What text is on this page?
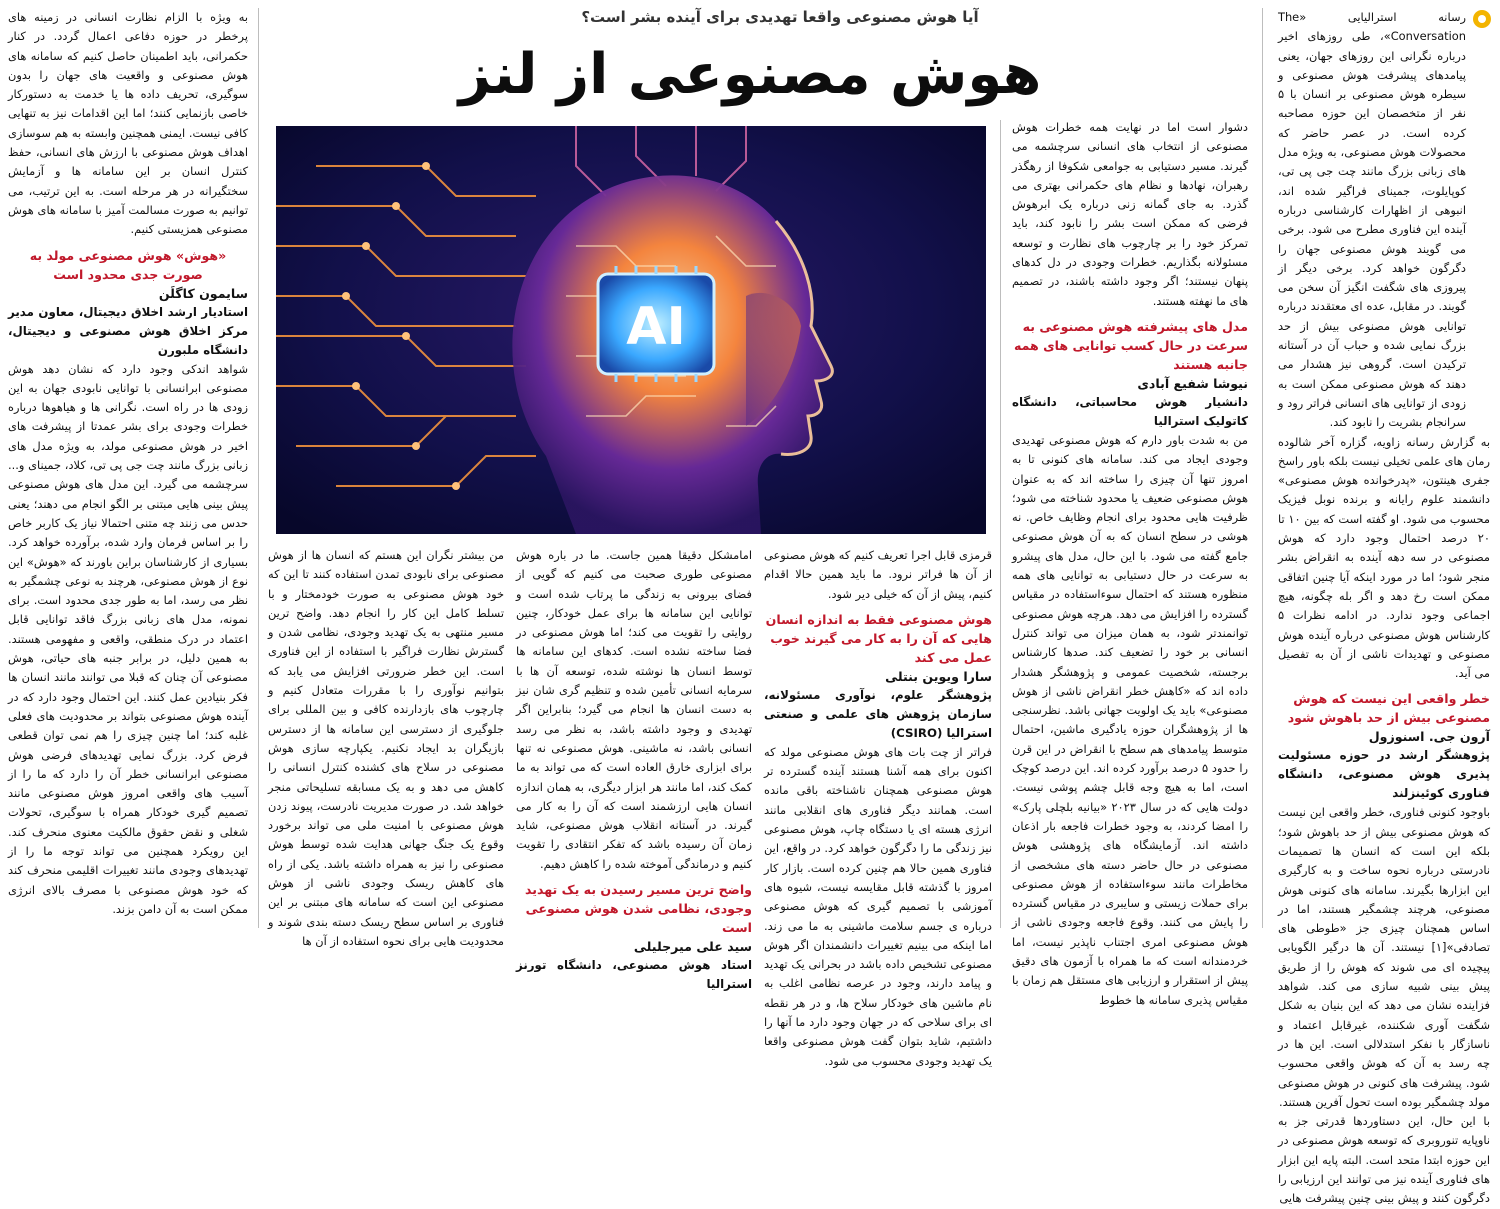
آیا هوش مصنوعی واقعا تهدیدی برای آینده بشر است؟
هوش مصنوعی از لنز

رسانه استرالیایی «The Conversation»، طی روزهای اخیر درباره نگرانی این روزهای جهان، یعنی پیامدهای پیشرفت هوش مصنوعی و سیطره هوش مصنوعی بر انسان با ۵ نفر از متخصصان این حوزه مصاحبه کرده است. در عصر حاضر که محصولات هوش مصنوعی، به ویژه مدل های زبانی بزرگ مانند چت جی پی تی، کوپایلوت، جمینای فراگیر شده اند، انبوهی از اظهارات کارشناسی درباره آینده این فناوری مطرح می شود. برخی می گویند هوش مصنوعی جهان را دگرگون خواهد کرد. برخی دیگر از پیروزی های شگفت انگیز آن سخن می گویند. در مقابل، عده ای معتقدند درباره توانایی هوش مصنوعی بیش از حد بزرگ نمایی شده و حباب آن در آستانه ترکیدن است. گروهی نیز هشدار می دهند که هوش مصنوعی ممکن است به زودی از توانایی های انسانی فراتر رود و سرانجام بشریت را نابود کند.

به گزارش رسانه زاویه، گزاره آخر شالوده رمان های علمی تخیلی نیست بلکه باور راسخ جفری هینتون، «پدرخوانده هوش مصنوعی» دانشمند علوم رایانه و برنده نوبل فیزیک محسوب می شود. او گفته است که بین ۱۰ تا ۲۰ درصد احتمال وجود دارد که هوش مصنوعی در سه دهه آینده به انقراض بشر منجر شود؛ اما در مورد اینکه آیا چنین اتفاقی ممکن است رخ دهد و اگر بله چگونه، هیچ اجماعی وجود ندارد. در ادامه نظرات ۵ کارشناس هوش مصنوعی درباره آینده هوش مصنوعی و تهدیدات ناشی از آن به تفصیل می آید.

خطر واقعی این نیست که هوش مصنوعی بیش از حد باهوش شود

آرون جی. اسنوزول

پژوهشگر ارشد در حوزه مسئولیت پذیری هوش مصنوعی، دانشگاه فناوری کوئینزلند

باوجود کنونی فناوری، خطر واقعی این نیست که هوش مصنوعی بیش از حد باهوش شود؛ بلکه این است که انسان ها تصمیمات نادرستی درباره نحوه ساخت و به کارگیری این ابزارها بگیرند. سامانه های کنونی هوش مصنوعی، هرچند چشمگیر هستند، اما در اساس همچنان چیزی جز «طوطی های تصادفی»[۱] نیستند. آن ها درگیر الگویابی پیچیده ای می شوند که هوش را از طریق پیش بینی شبیه سازی می کند. شواهد فزاینده نشان می دهد که این بنیان به شکل شگفت آوری شکننده، غیرقابل اعتماد و ناسازگار با نفکر استدلالی است. این ها در چه رسد به آن که هوش واقعی محسوب شود. پیشرفت های کنونی در هوش مصنوعی مولد چشمگیر بوده است تحول آفرین هستند.

با این حال، این دستاوردها قدرتی جز به ناوپایه تنوروبری که توسعه هوش مصنوعی در این حوزه ابتدا متحد است. البته پایه این ابزار های فناوری آینده نیز می توانند این ارزیابی را دگرگون کنند و پیش بینی چنین پیشرفت هایی

دشوار است اما در نهایت همه خطرات هوش مصنوعی از انتخاب های انسانی سرچشمه می گیرند. مسیر دستیابی به جوامعی شکوفا از رهگذر رهبران، نهادها و نظام های حکمرانی بهتری می گذرد. به جای گمانه زنی درباره یک ابرهوش فرضی که ممکن است بشر را نابود کند، باید تمرکز خود را بر چارچوب های نظارت و توسعه مسئولانه بگذاریم. خطرات وجودی در دل کدهای پنهان نیستند؛ اگر وجود داشته باشند، در تصمیم های ما نهفته هستند.

مدل های پیشرفته هوش مصنوعی به سرعت در حال کسب توانایی های همه جانبه هستند

نیوشا شفیع آبادی

دانشیار هوش محاسباتی، دانشگاه کاتولیک استرالیا

من به شدت باور دارم که هوش مصنوعی تهدیدی وجودی ایجاد می کند. سامانه های کنونی تا به امروز تنها آن چیزی را ساخته اند که به عنوان هوش مصنوعی ضعیف یا محدود شناخته می شود؛ ظرفیت هایی محدود برای انجام وظایف خاص. نه هوشی در سطح انسان که به آن هوش مصنوعی جامع گفته می شود. با این حال، مدل های پیشرو به سرعت در حال دستیابی به توانایی های همه منظوره هستند که احتمال سوءاستفاده در مقیاس گسترده را افزایش می دهد. هرچه هوش مصنوعی توانمندتر شود، به همان میزان می تواند کنترل انسانی بر خود را تضعیف کند. صدها کارشناس برجسته، شخصیت عمومی و پژوهشگر هشدار داده اند که «کاهش خطر انقراض ناشی از هوش مصنوعی» باید یک اولویت جهانی باشد. نظرسنجی ها از پژوهشگران حوزه یادگیری ماشین، احتمال متوسط پیامدهای هم سطح با انقراض در این قرن را حدود ۵ درصد برآورد کرده اند. این درصد کوچک است، اما به هیچ وجه قابل چشم پوشی نیست. دولت هایی که در سال ۲۰۲۳ «بیانیه بلچلی پارک» را امضا کردند، به وجود خطرات فاجعه بار اذعان داشته اند. آزمایشگاه های پژوهشی هوش مصنوعی در حال حاضر دسته های مشخصی از مخاطرات مانند سوءاستفاده از هوش مصنوعی برای حملات زیستی و سایبری در مقیاس گسترده را پایش می کنند. وقوع فاجعه وجودی ناشی از هوش مصنوعی امری اجتناب ناپذیر نیست، اما خردمندانه است که ما همراه با آزمون های دقیق پیش از استقرار و ارزیابی های مستقل هم زمان با مقیاس پذیری سامانه ها خطوط

AI

قرمزی قابل اجرا تعریف کنیم که هوش مصنوعی از آن ها فراتر نرود. ما باید همین حالا اقدام کنیم، پیش از آن که خیلی دیر شود.

هوش مصنوعی فقط به اندازه انسان هایی که آن را به کار می گیرند خوب عمل می کند

سارا ویوین بنتلی

پژوهشگر علوم، نوآوری مسئولانه، سازمان پژوهش های علمی و صنعتی استرالیا (CSIRO)

فراتر از چت بات های هوش مصنوعی مولد که اکنون برای همه آشنا هستند آینده گسترده تر هوش مصنوعی همچنان ناشناخته باقی مانده است. همانند دیگر فناوری های انقلابی مانند انرژی هسته ای یا دستگاه چاپ، هوش مصنوعی نیز زندگی ما را دگرگون خواهد کرد. در واقع، این فناوری همین حالا هم چنین کرده است. بازار کار امروز با گذشته قابل مقایسه نیست، شیوه های آموزشی با تصمیم گیری که هوش مصنوعی درباره ی جسم سلامت ماشینی به ما می زند. اما اینکه می بینیم تغییرات دانشمندان اگر هوش مصنوعی تشخیص داده باشد در بحرانی یک تهدید و پیامد دارند، وجود در عرصه نظامی اغلب به نام ماشین های خودکار سلاح ها، و در هر نقطه ای برای سلاحی که در جهان وجود دارد ما آنها را داشتیم، شاید بتوان گفت هوش مصنوعی واقعا یک تهدید وجودی محسوب می شود.

امامشکل دقیقا همین جاست. ما در باره هوش مصنوعی طوری صحبت می کنیم که گویی از فضای بیرونی به زندگی ما پرتاب شده است و توانایی این سامانه ها برای عمل خودکار، چنین روایتی را تقویت می کند؛ اما هوش مصنوعی در فضا ساخته نشده است. کدهای این سامانه ها توسط انسان ها نوشته شده، توسعه آن ها با سرمایه انسانی تأمین شده و تنظیم گری شان نیز به دست انسان ها انجام می گیرد؛ بنابراین اگر تهدیدی و وجود داشته باشد، به نظر می رسد انسانی باشد، نه ماشینی. هوش مصنوعی نه تنها برای ابزاری خارق العاده است که می تواند به ما کمک کند، اما مانند هر ابزار دیگری، به همان اندازه انسان هایی ارزشمند است که آن را به کار می گیرند. در آستانه انقلاب هوش مصنوعی، شاید زمان آن رسیده باشد که تفکر انتقادی را تقویت کنیم و درماندگی آموخته شده را کاهش دهیم.

واضح ترین مسیر رسیدن به یک تهدید وجودی، نظامی شدن هوش مصنوعی است

سید علی میرجلیلی

استاد هوش مصنوعی، دانشگاه تورنز استرالیا

من بیشتر نگران این هستم که انسان ها از هوش مصنوعی برای نابودی تمدن استفاده کنند تا این که خود هوش مصنوعی به صورت خودمختار و با تسلط کامل این کار را انجام دهد. واضح ترین مسیر منتهی به یک تهدید وجودی، نظامی شدن و گسترش نظارت فراگیر با استفاده از این فناوری است. این خطر ضرورتی افزایش می یابد که بتوانیم نوآوری را با مقررات متعادل کنیم و چارچوب های بازدارنده کافی و بین المللی برای جلوگیری از دسترسی این سامانه ها از دسترس بازیگران بد ایجاد نکنیم. یکپارچه سازی هوش مصنوعی در سلاح های کشنده کنترل انسانی را کاهش می دهد و به یک مسابقه تسلیحاتی منجر خواهد شد. در صورت مدیریت نادرست، پیوند زدن هوش مصنوعی با امنیت ملی می تواند برخورد وقوع یک جنگ جهانی هدایت شده توسط هوش مصنوعی را نیز به همراه داشته باشد. یکی از راه های کاهش ریسک وجودی ناشی از هوش مصنوعی این است که سامانه های مبتنی بر این فناوری بر اساس سطح ریسک دسته بندی شوند و محدودیت هایی برای نحوه استفاده از آن ها

به ویژه با الزام نظارت انسانی در زمینه های پرخطر در حوزه دفاعی اعمال گردد. در کنار حکمرانی، باید اطمینان حاصل کنیم که سامانه های هوش مصنوعی و واقعیت های جهان را بدون سوگیری، تحریف داده ها یا خدمت به دستورکار خاصی بازنمایی کنند؛ اما این اقدامات نیز به تنهایی کافی نیست. ایمنی همچنین وابسته به هم سوسازی اهداف هوش مصنوعی با ارزش های انسانی، حفظ کنترل انسان بر این سامانه ها و آزمایش سختگیرانه در هر مرحله است. به این ترتیب، می توانیم به صورت مسالمت آمیز با سامانه های هوش مصنوعی همزیستی کنیم.

«هوش» هوش مصنوعی مولد به صورت جدی محدود است

سایمون کاگلَن

استادیار ارشد اخلاق دیجیتال، معاون مدیر مرکز اخلاق هوش مصنوعی و دیجیتال، دانشگاه ملبورن

شواهد اندکی وجود دارد که نشان دهد هوش مصنوعی ابرانسانی با توانایی نابودی جهان به این زودی ها در راه است. نگرانی ها و هیاهوها درباره خطرات وجودی برای بشر عمدتا از پیشرفت های اخیر در هوش مصنوعی مولد، به ویژه مدل های زبانی بزرگ مانند چت جی پی تی، کلاد، جمینای و... سرچشمه می گیرد. این مدل های هوش مصنوعی پیش بینی هایی مبتنی بر الگو انجام می دهند؛ یعنی حدس می زنند چه متنی احتمالا نیاز یک کاربر خاص را بر اساس فرمان وارد شده، برآورده خواهد کرد. بسیاری از کارشناسان براین باورند که «هوش» این نوع از هوش مصنوعی، هرچند به نوعی چشمگیر به نظر می رسد، اما به طور جدی محدود است. برای نمونه، مدل های زبانی بزرگ فاقد توانایی قابل اعتماد در درک منطقی، واقعی و مفهومی هستند. به همین دلیل، در برابر جنبه های حیاتی، هوش مصنوعی آن چنان که قبلا می توانند مانند انسان ها فکر بنیادین عمل کنند. این احتمال وجود دارد که در آینده هوش مصنوعی بتواند بر محدودیت های فعلی غلبه کند؛ اما چنین چیزی را هم نمی توان قطعی فرض کرد. بزرگ نمایی تهدیدهای فرضی هوش مصنوعی ابرانسانی خطر آن را دارد که ما را از آسیب های واقعی امروز هوش مصنوعی مانند تصمیم گیری خودکار همراه با سوگیری، تحولات شغلی و نقض حقوق مالکیت معنوی منحرف کند. این رویکرد همچنین می تواند توجه ما را از تهدیدهای وجودی مانند تغییرات اقلیمی منحرف کند که خود هوش مصنوعی با مصرف بالای انرژی ممکن است به آن دامن بزند.
